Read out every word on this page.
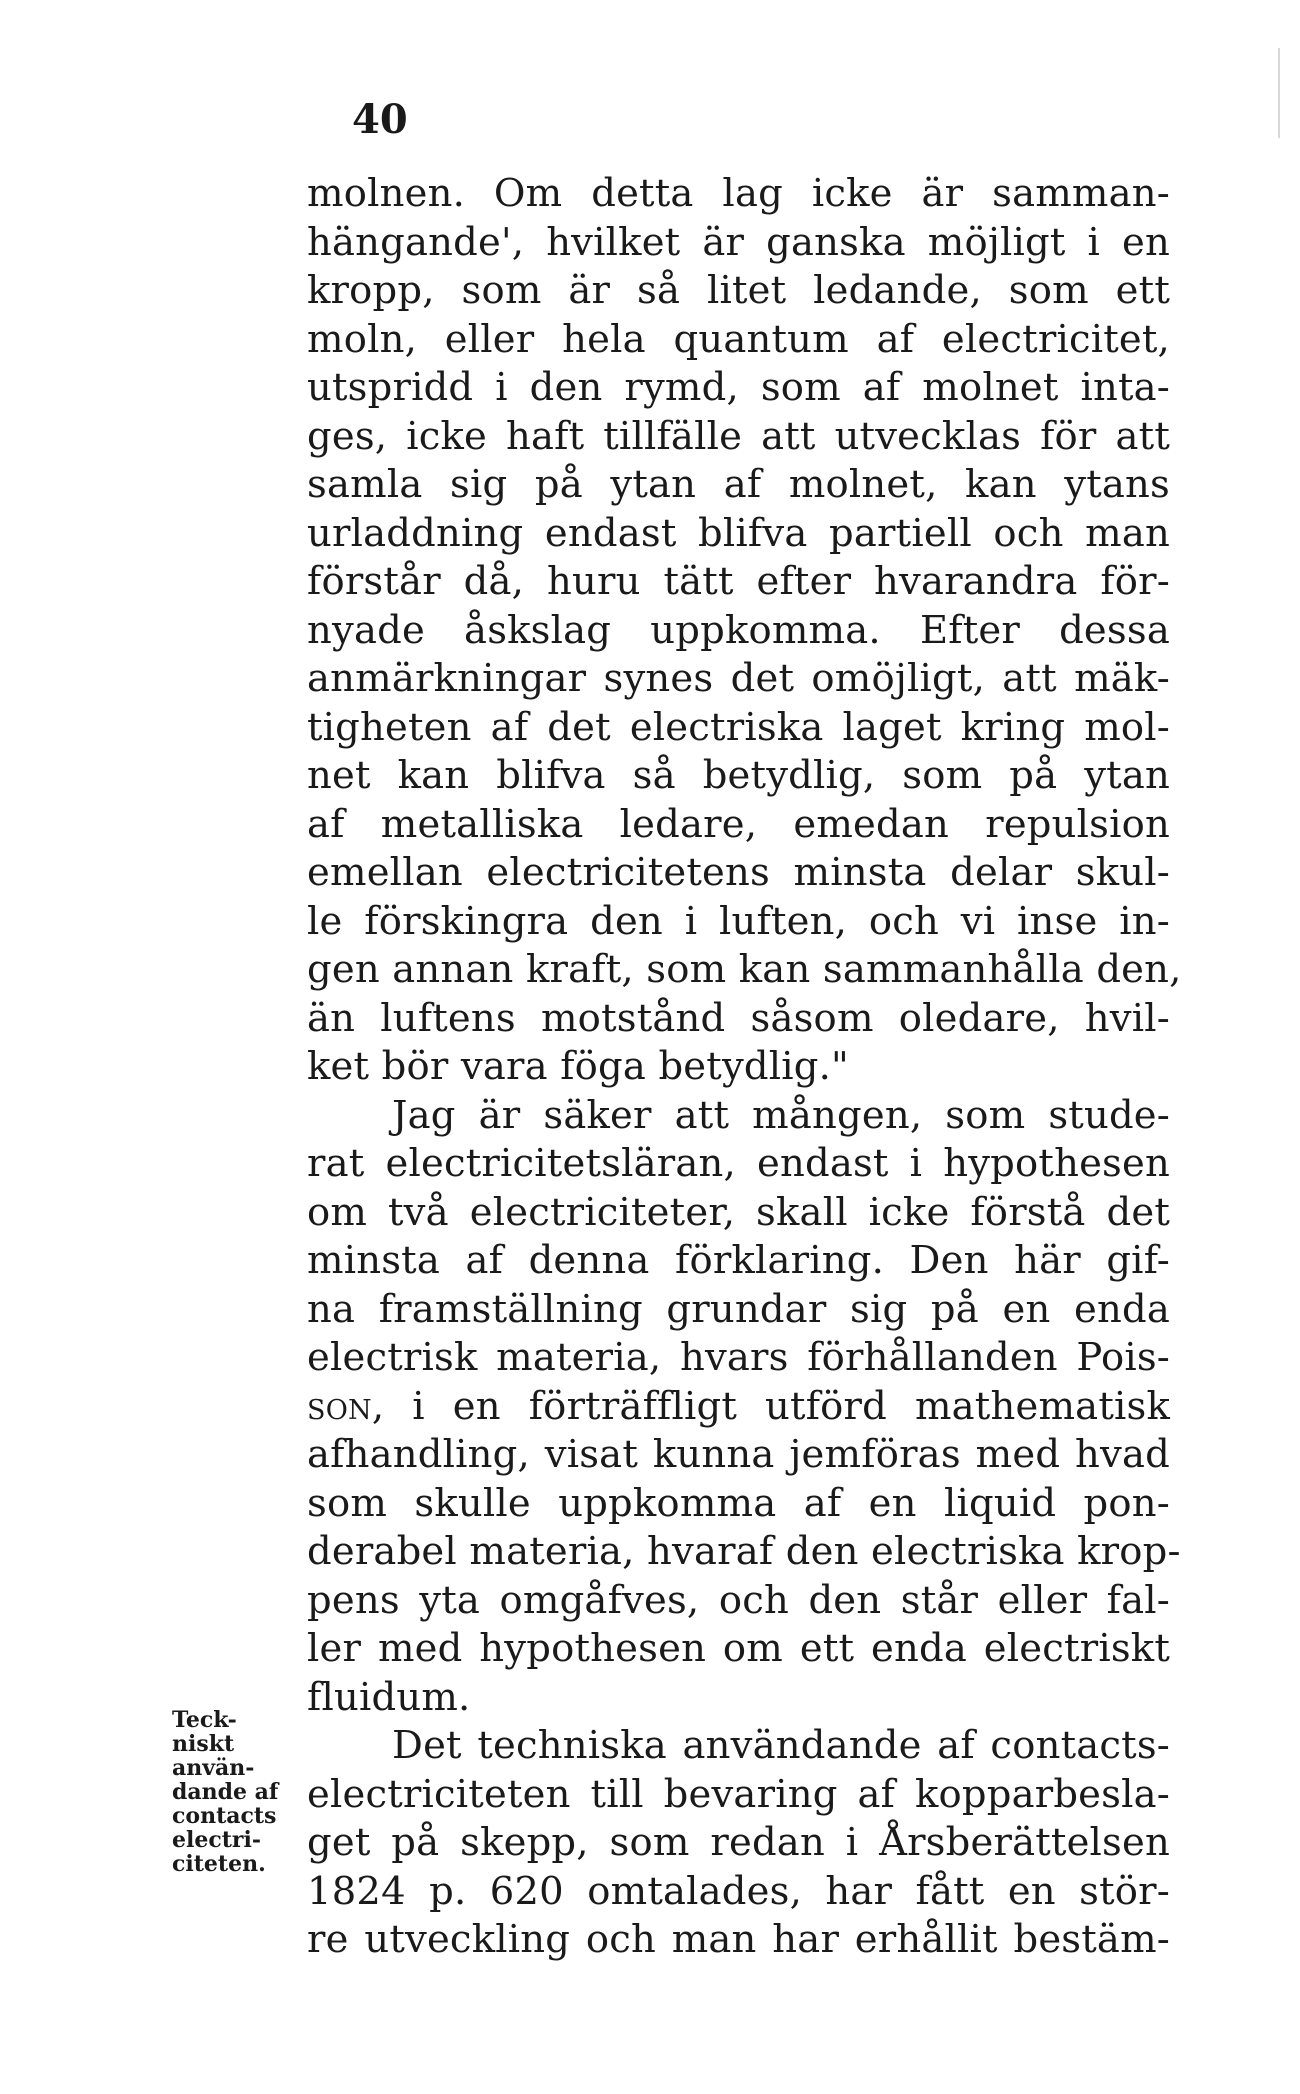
40

molnen. Om detta lag icke är samman-
hängande', hvilket är ganska möjligt i en
kropp, som är så litet ledande, som ett
moln, eller hela quantum af electricitet,
utspridd i den rymd, som af molnet intа-
ges, icke haft tillfälle att utvecklas för att
samla sig på ytan af molnet, kan ytans
urladdning endast blifva partiell och man
förstår då, huru tätt efter hvarandra för-
nyade åskslag uppkomma. Efter dessa
anmärkningar synes det omöjligt, att mäk-
tigheten af det electriska laget kring mol-
net kan blifva så betydlig, som på ytan
af metalliska ledare, emedan repulsion
emellan electricitetens minsta delar skul-
le förskingra den i luften, och vi inse in-
gen annan kraft, som kan sammanhålla den,
än luftens motstånd såsom oledare, hvil-
ket bör vara föga betydlig."
Jag är säker att mången, som stude-
rat electricitetsläran, endast i hypothesen
om två electriciteter, skall icke förstå det
minsta af denna förklaring. Den här gif-
na framställning grundar sig på en enda
electrisk materia, hvars förhållanden Pois-
son, i en förträffligt utförd mathematisk
afhandling, visat kunna jemföras med hvad
som skulle uppkomma af en liquid pon-
derabel materia, hvaraf den electriska krop-
pens yta omgåfves, och den står eller fal-
ler med hypothesen om ett enda electriskt
fluidum.
Det techniska användande af contacts-
electriciteten till bevaring af kopparbesla-
get på skepp, som redan i Årsberättelsen
1824 p. 620 omtalades, har fått en stör-
re utveckling och man har erhållit bestäm-
Teck-
niskt
använ-
dande af
contacts
electri-
citeten.
